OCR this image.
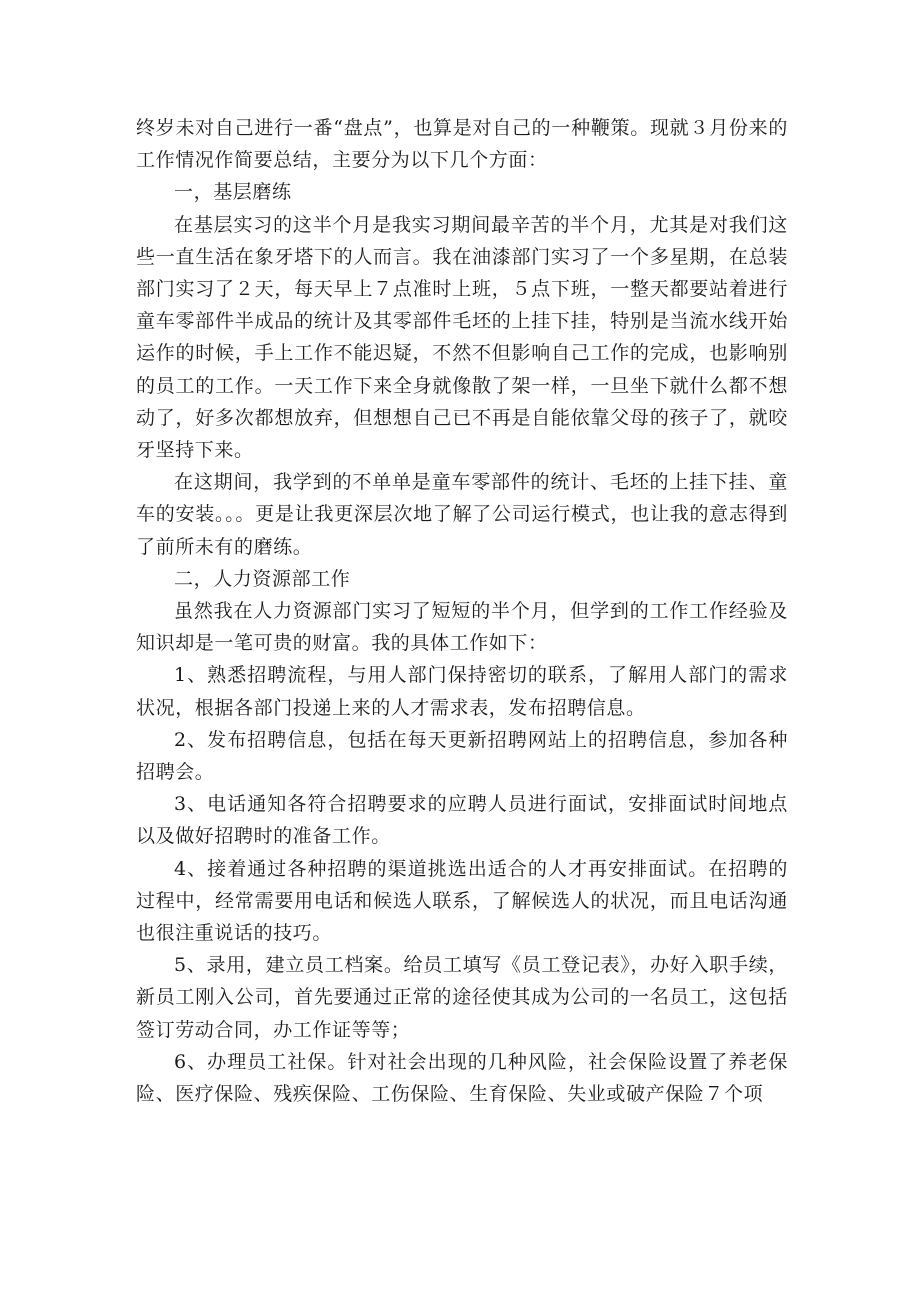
终岁未对自己进行一番“盘点”，也算是对自己的一种鞭策。现就３月份来的工作情况作简要总结，主要分为以下几个方面：

一，基层磨练

在基层实习的这半个月是我实习期间最辛苦的半个月，尤其是对我们这些一直生活在象牙塔下的人而言。我在油漆部门实习了一个多星期，在总装部门实习了２天，每天早上７点准时上班，５点下班，一整天都要站着进行童车零部件半成品的统计及其零部件毛坯的上挂下挂，特别是当流水线开始运作的时候，手上工作不能迟疑，不然不但影响自己工作的完成，也影响别的员工的工作。一天工作下来全身就像散了架一样，一旦坐下就什么都不想动了，好多次都想放弃，但想想自己已不再是自能依靠父母的孩子了，就咬牙坚持下来。

在这期间，我学到的不单单是童车零部件的统计、毛坯的上挂下挂、童车的安装。。。更是让我更深层次地了解了公司运行模式，也让我的意志得到了前所未有的磨练。

二，人力资源部工作

虽然我在人力资源部门实习了短短的半个月，但学到的工作工作经验及知识却是一笔可贵的财富。我的具体工作如下：

1、熟悉招聘流程，与用人部门保持密切的联系，了解用人部门的需求状况，根据各部门投递上来的人才需求表，发布招聘信息。

2、发布招聘信息，包括在每天更新招聘网站上的招聘信息，参加各种招聘会。

3、电话通知各符合招聘要求的应聘人员进行面试，安排面试时间地点以及做好招聘时的准备工作。

4、接着通过各种招聘的渠道挑选出适合的人才再安排面试。在招聘的过程中，经常需要用电话和候选人联系，了解候选人的状况，而且电话沟通也很注重说话的技巧。

5、录用，建立员工档案。给员工填写《员工登记表》，办好入职手续，新员工刚入公司，首先要通过正常的途径使其成为公司的一名员工，这包括签订劳动合同，办工作证等等；

6、办理员工社保。针对社会出现的几种风险，社会保险设置了养老保险、医疗保险、残疾保险、工伤保险、生育保险、失业或破产保险７个项
